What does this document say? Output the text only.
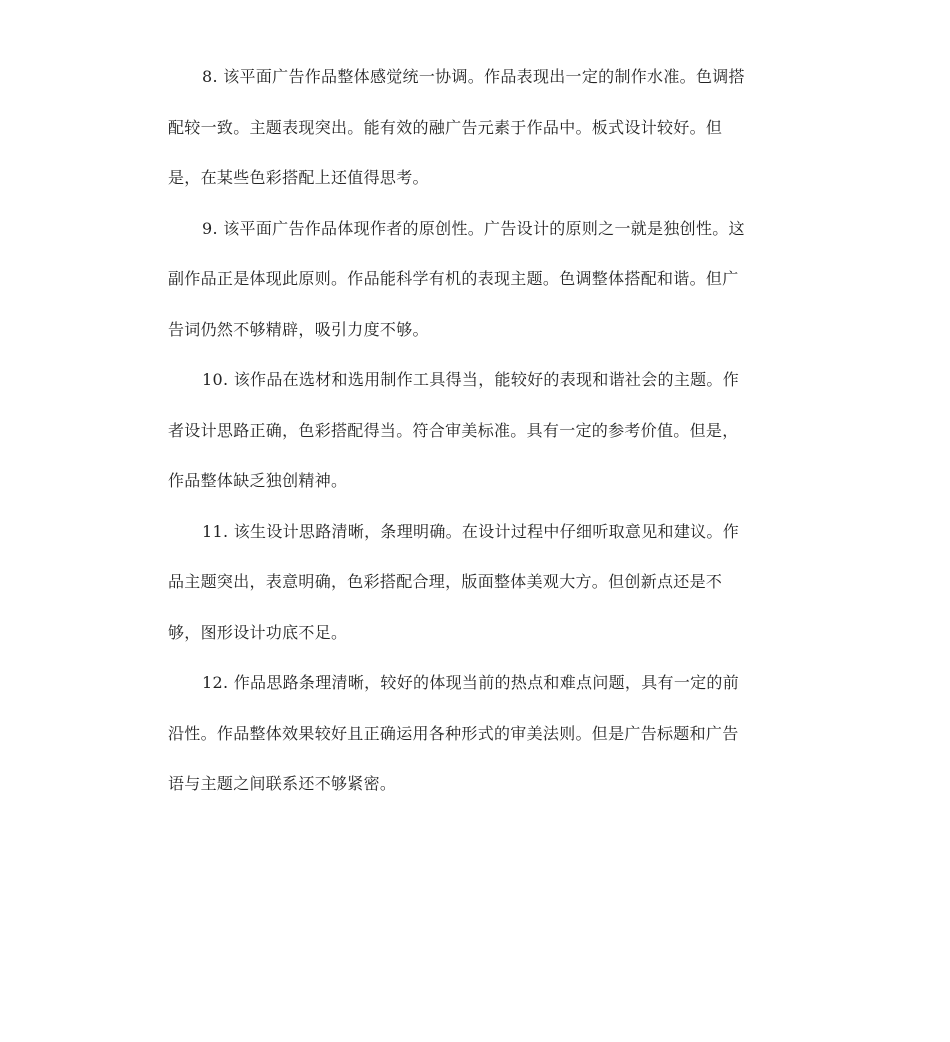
8. 该平面广告作品整体感觉统一协调。作品表现出一定的制作水准。色调搭
配较一致。主题表现突出。能有效的融广告元素于作品中。板式设计较好。但
是，在某些色彩搭配上还值得思考。

9. 该平面广告作品体现作者的原创性。广告设计的原则之一就是独创性。这
副作品正是体现此原则。作品能科学有机的表现主题。色调整体搭配和谐。但广
告词仍然不够精辟，吸引力度不够。

10. 该作品在选材和选用制作工具得当，能较好的表现和谐社会的主题。作
者设计思路正确，色彩搭配得当。符合审美标准。具有一定的参考价值。但是，
作品整体缺乏独创精神。

11. 该生设计思路清晰，条理明确。在设计过程中仔细听取意见和建议。作
品主题突出，表意明确，色彩搭配合理，版面整体美观大方。但创新点还是不
够，图形设计功底不足。

12. 作品思路条理清晰，较好的体现当前的热点和难点问题，具有一定的前
沿性。作品整体效果较好且正确运用各种形式的审美法则。但是广告标题和广告
语与主题之间联系还不够紧密。
